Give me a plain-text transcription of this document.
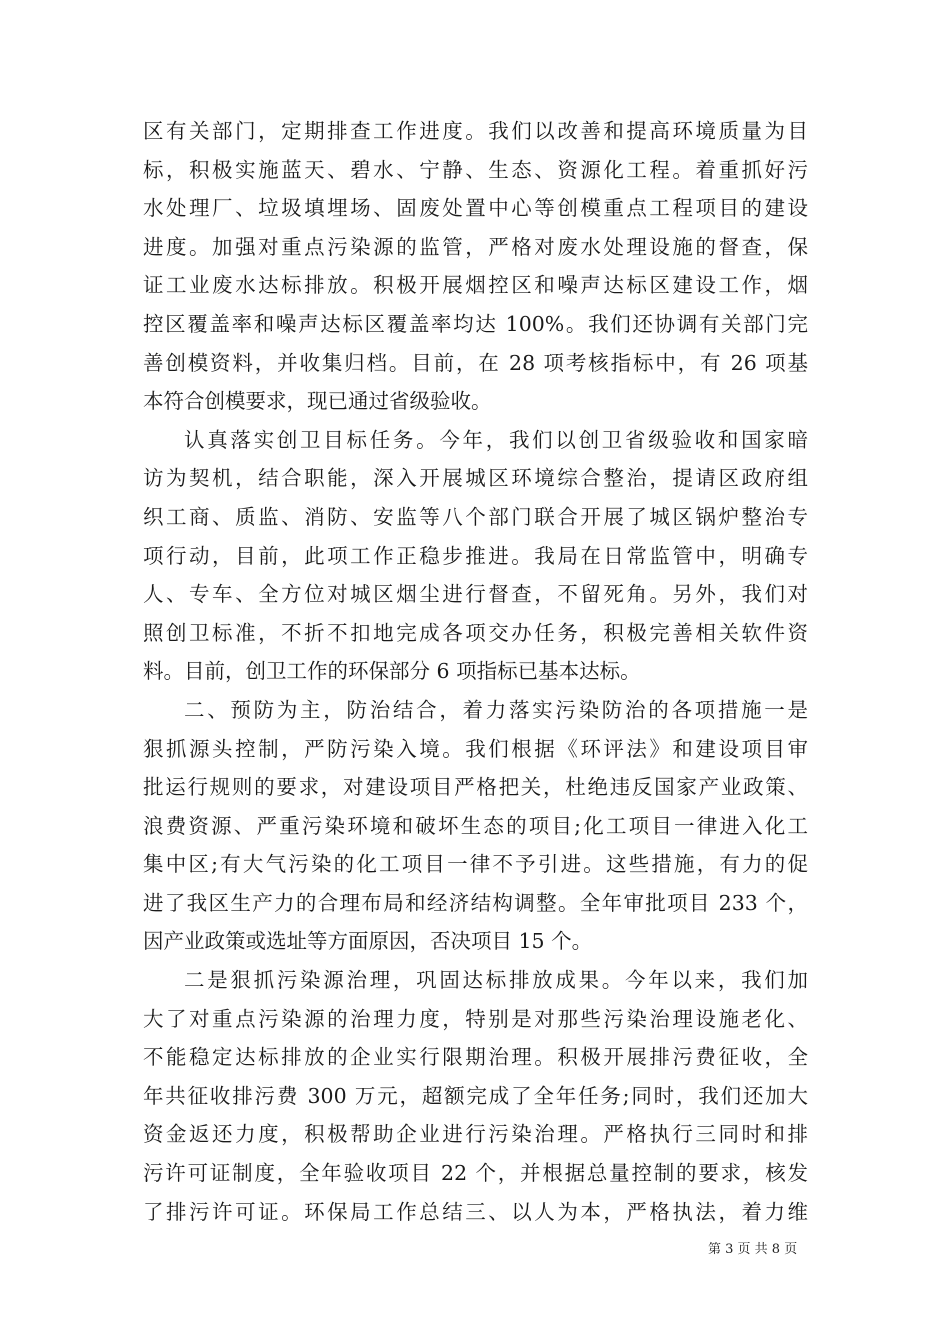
区有关部门，定期排查工作进度。我们以改善和提高环境质量为目
标，积极实施蓝天、碧水、宁静、生态、资源化工程。着重抓好污
水处理厂、垃圾填埋场、固废处置中心等创模重点工程项目的建设
进度。加强对重点污染源的监管，严格对废水处理设施的督查，保
证工业废水达标排放。积极开展烟控区和噪声达标区建设工作，烟
控区覆盖率和噪声达标区覆盖率均达 100%。我们还协调有关部门完
善创模资料，并收集归档。目前，在 28 项考核指标中，有 26 项基
本符合创模要求，现已通过省级验收。
认真落实创卫目标任务。今年，我们以创卫省级验收和国家暗
访为契机，结合职能，深入开展城区环境综合整治，提请区政府组
织工商、质监、消防、安监等八个部门联合开展了城区锅炉整治专
项行动，目前，此项工作正稳步推进。我局在日常监管中，明确专
人、专车、全方位对城区烟尘进行督查，不留死角。另外，我们对
照创卫标准，不折不扣地完成各项交办任务，积极完善相关软件资
料。目前，创卫工作的环保部分 6 项指标已基本达标。
二、预防为主，防治结合，着力落实污染防治的各项措施一是
狠抓源头控制，严防污染入境。我们根据《环评法》和建设项目审
批运行规则的要求，对建设项目严格把关，杜绝违反国家产业政策、
浪费资源、严重污染环境和破坏生态的项目;化工项目一律进入化工
集中区;有大气污染的化工项目一律不予引进。这些措施，有力的促
进了我区生产力的合理布局和经济结构调整。全年审批项目 233 个，
因产业政策或选址等方面原因，否决项目 15 个。
二是狠抓污染源治理，巩固达标排放成果。今年以来，我们加
大了对重点污染源的治理力度，特别是对那些污染治理设施老化、
不能稳定达标排放的企业实行限期治理。积极开展排污费征收，全
年共征收排污费 300 万元，超额完成了全年任务;同时，我们还加大
资金返还力度，积极帮助企业进行污染治理。严格执行三同时和排
污许可证制度，全年验收项目 22 个，并根据总量控制的要求，核发
了排污许可证。环保局工作总结三、以人为本，严格执法，着力维
第 3 页 共 8 页
